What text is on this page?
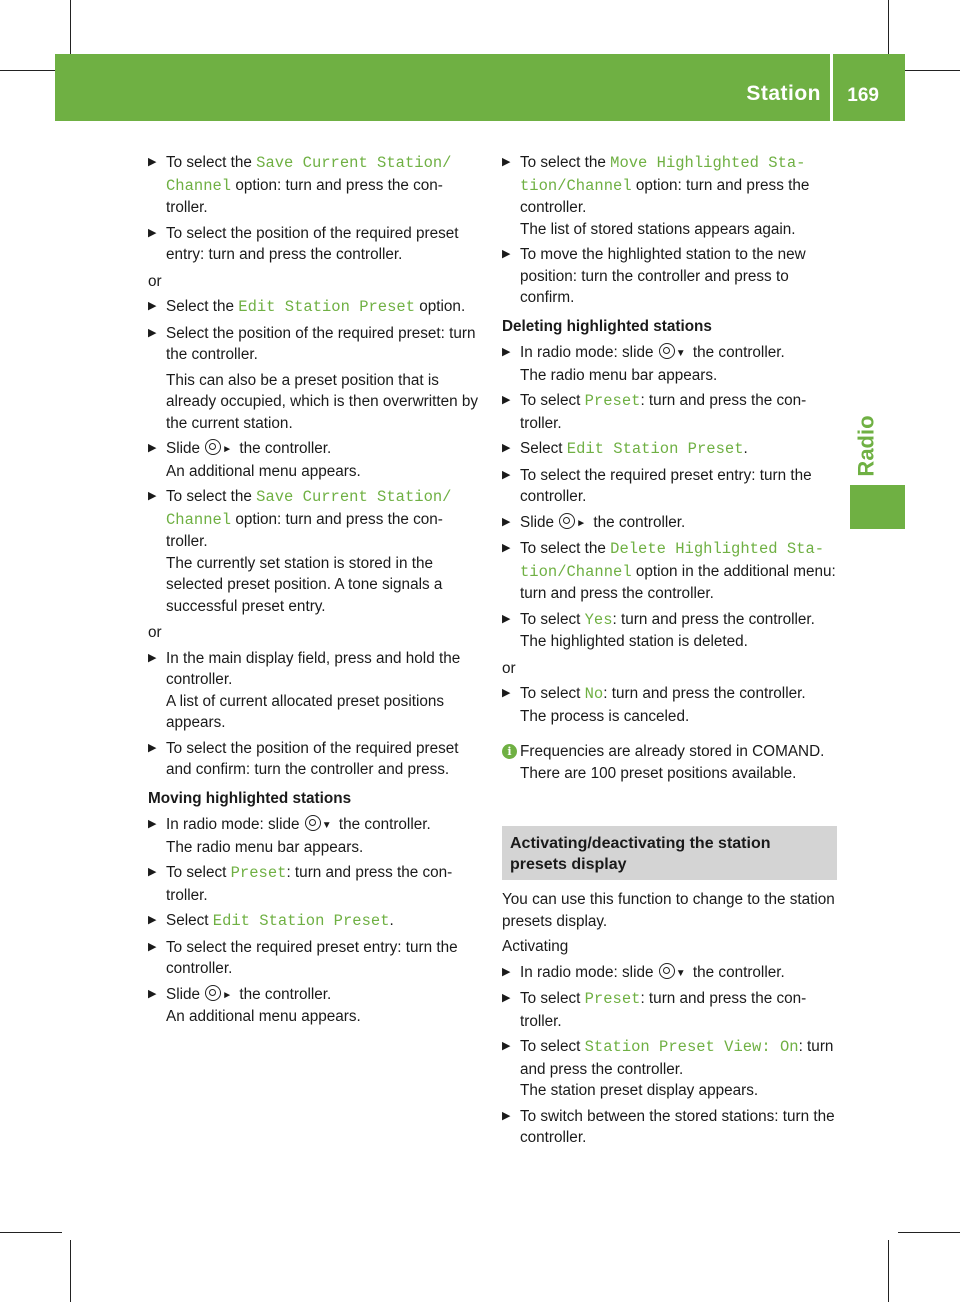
Station 169
Radio
▶ To select the Save Current Station/ Channel option: turn and press the con- troller.
▶ To select the position of the required preset entry: turn and press the controller.
or
▶ Select the Edit Station Preset option.
▶ Select the position of the required preset: turn the controller.
This can also be a preset position that is already occupied, which is then overwritten by the current station.
▶ Slide ► the controller.
An additional menu appears.
▶ To select the Save Current Station/ Channel option: turn and press the con- troller.
The currently set station is stored in the selected preset position. A tone signals a successful preset entry.
or
▶ In the main display field, press and hold the controller.
A list of current allocated preset positions appears.
▶ To select the position of the required preset and confirm: turn the controller and press.
Moving highlighted stations
▶ In radio mode: slide ▼ the controller.
The radio menu bar appears.
▶ To select Preset: turn and press the con- troller.
▶ Select Edit Station Preset.
▶ To select the required preset entry: turn the controller.
▶ Slide ► the controller.
An additional menu appears.
▶ To select the Move Highlighted Sta‐ tion/Channel option: turn and press the controller.
The list of stored stations appears again.
▶ To move the highlighted station to the new position: turn the controller and press to confirm.
Deleting highlighted stations
▶ In radio mode: slide ▼ the controller.
The radio menu bar appears.
▶ To select Preset: turn and press the con- troller.
▶ Select Edit Station Preset.
▶ To select the required preset entry: turn the controller.
▶ Slide ► the controller.
▶ To select the Delete Highlighted Sta‐ tion/Channel option in the additional menu: turn and press the controller.
▶ To select Yes: turn and press the controller.
The highlighted station is deleted.
or
▶ To select No: turn and press the controller.
The process is canceled.
i Frequencies are already stored in COMAND. There are 100 preset positions available.
Activating/deactivating the station presets display
You can use this function to change to the station presets display.
Activating
▶ In radio mode: slide ▼ the controller.
▶ To select Preset: turn and press the con- troller.
▶ To select Station Preset View: On: turn and press the controller.
The station preset display appears.
▶ To switch between the stored stations: turn the controller.
